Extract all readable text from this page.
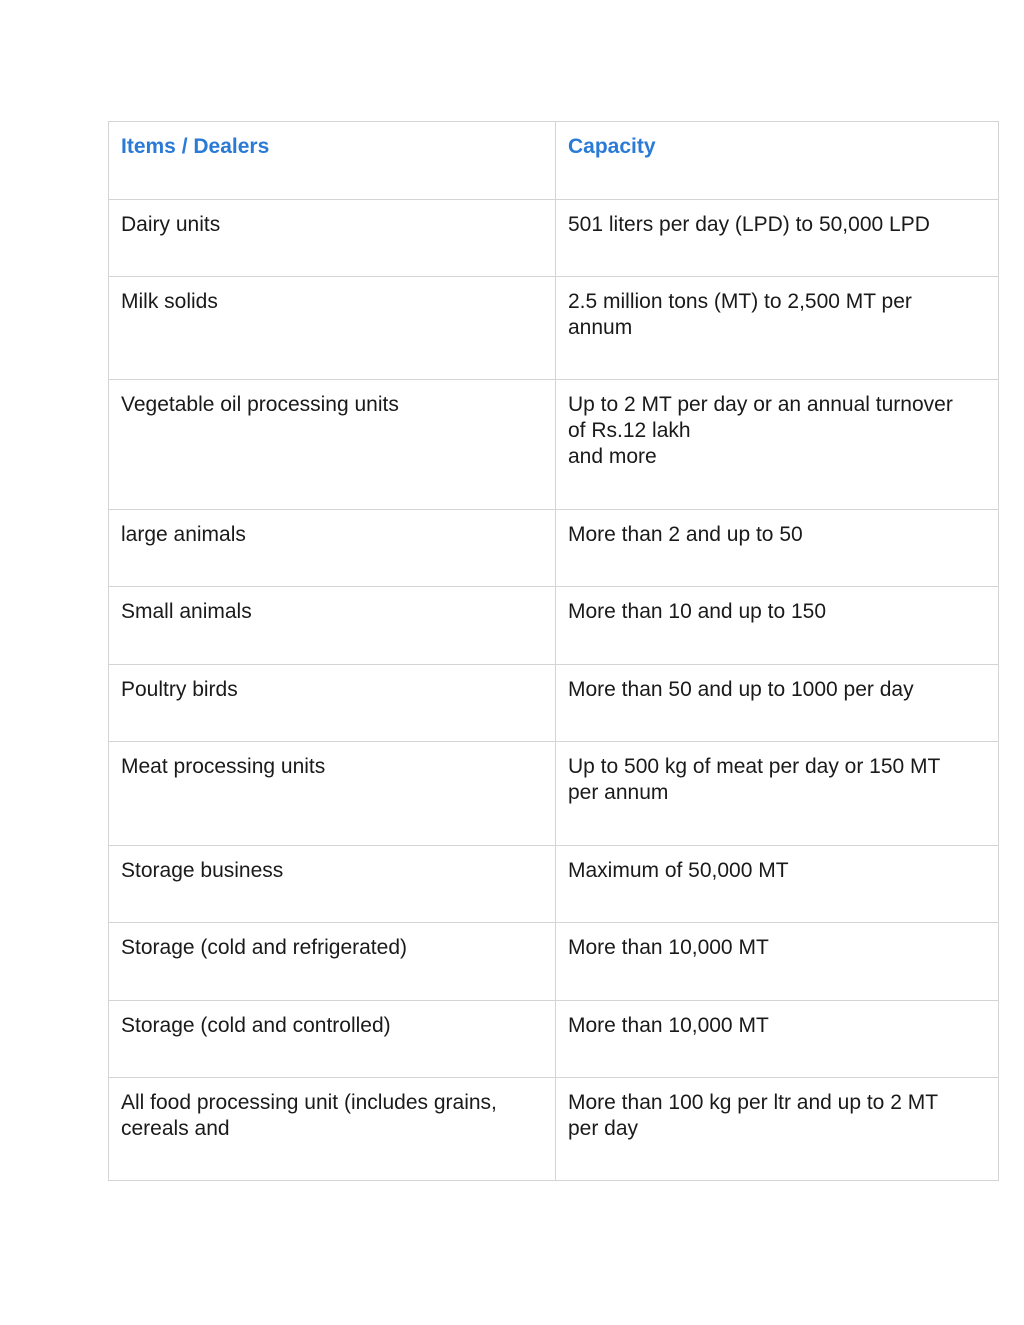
Items / Dealers	Capacity

Dairy units	501 liters per day (LPD) to 50,000 LPD

Milk solids	2.5 million tons (MT) to 2,500 MT per
annum

Vegetable oil processing units	Up to 2 MT per day or an annual turnover
of Rs.12 lakh
and more

large animals	More than 2 and up to 50

Small animals	More than 10 and up to 150

Poultry birds	More than 50 and up to 1000 per day

Meat processing units	Up to 500 kg of meat per day or 150 MT
per annum

Storage business	Maximum of 50,000 MT

Storage (cold and refrigerated)	More than 10,000 MT

Storage (cold and controlled)	More than 10,000 MT

All food processing unit (includes grains,
cereals and	More than 100 kg per ltr and up to 2 MT
per day
